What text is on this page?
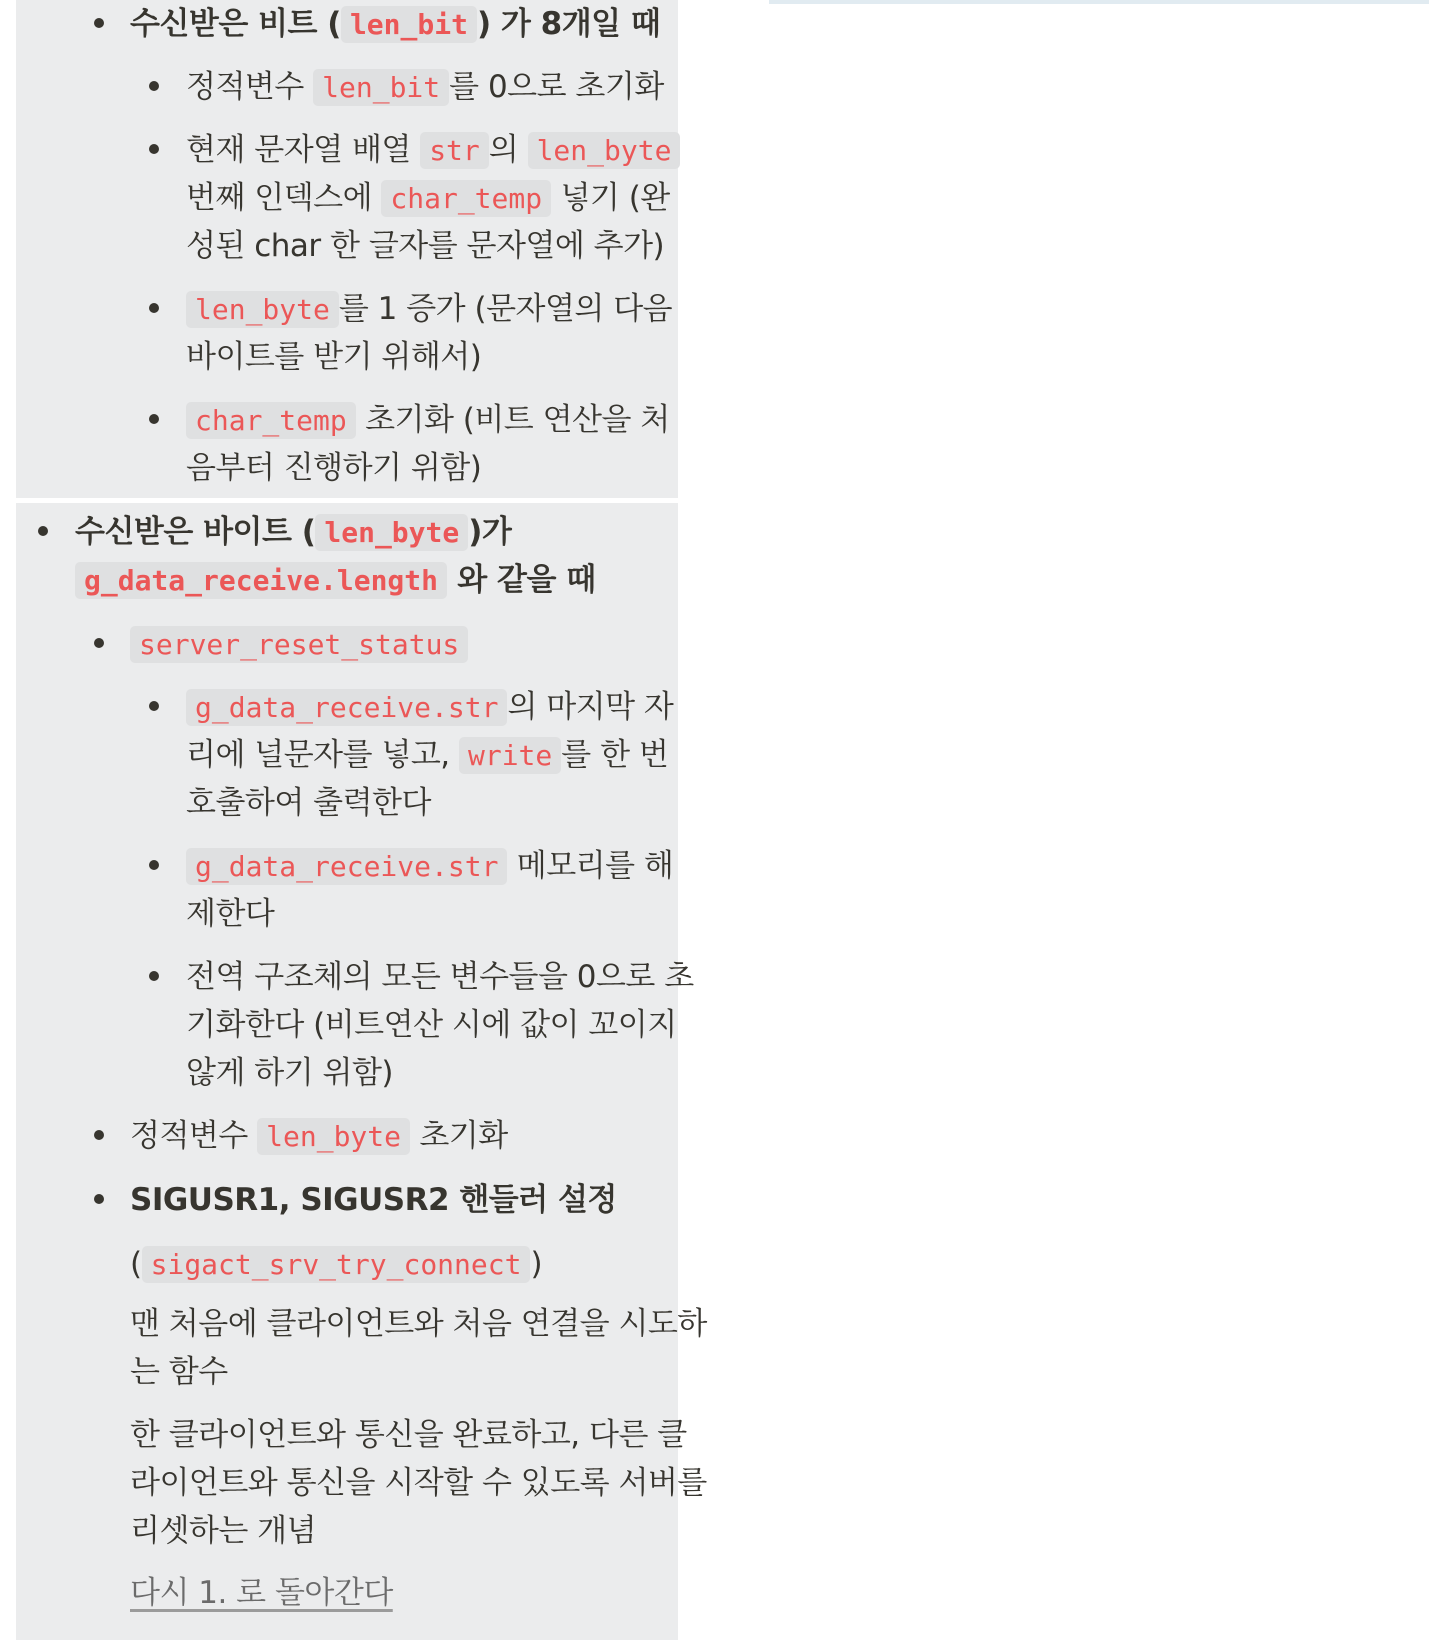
수신받은 비트 ( len_bit ) 가 8개일 때
정적변수 len_bit 를 0으로 초기화
현재 문자열 배열 str 의 len_byte
번째 인덱스에 char_temp 넣기 (완
성된 char 한 글자를 문자열에 추가)
len_byte 를 1 증가 (문자열의 다음
바이트를 받기 위해서)
char_temp 초기화 (비트 연산을 처
음부터 진행하기 위함)
수신받은 바이트 ( len_byte )가
g_data_receive.length 와 같을 때
server_reset_status
g_data_receive.str 의 마지막 자
리에 널문자를 넣고, write 를 한 번
호출하여 출력한다
g_data_receive.str 메모리를 해
제한다
전역 구조체의 모든 변수들을 0으로 초
기화한다 (비트연산 시에 값이 꼬이지
않게 하기 위함)
정적변수 len_byte 초기화
SIGUSR1, SIGUSR2 핸들러 설정
( sigact_srv_try_connect )
맨 처음에 클라이언트와 처음 연결을 시도하
는 함수
한 클라이언트와 통신을 완료하고, 다른 클
라이언트와 통신을 시작할 수 있도록 서버를
리셋하는 개념
다시 1. 로 돌아간다
